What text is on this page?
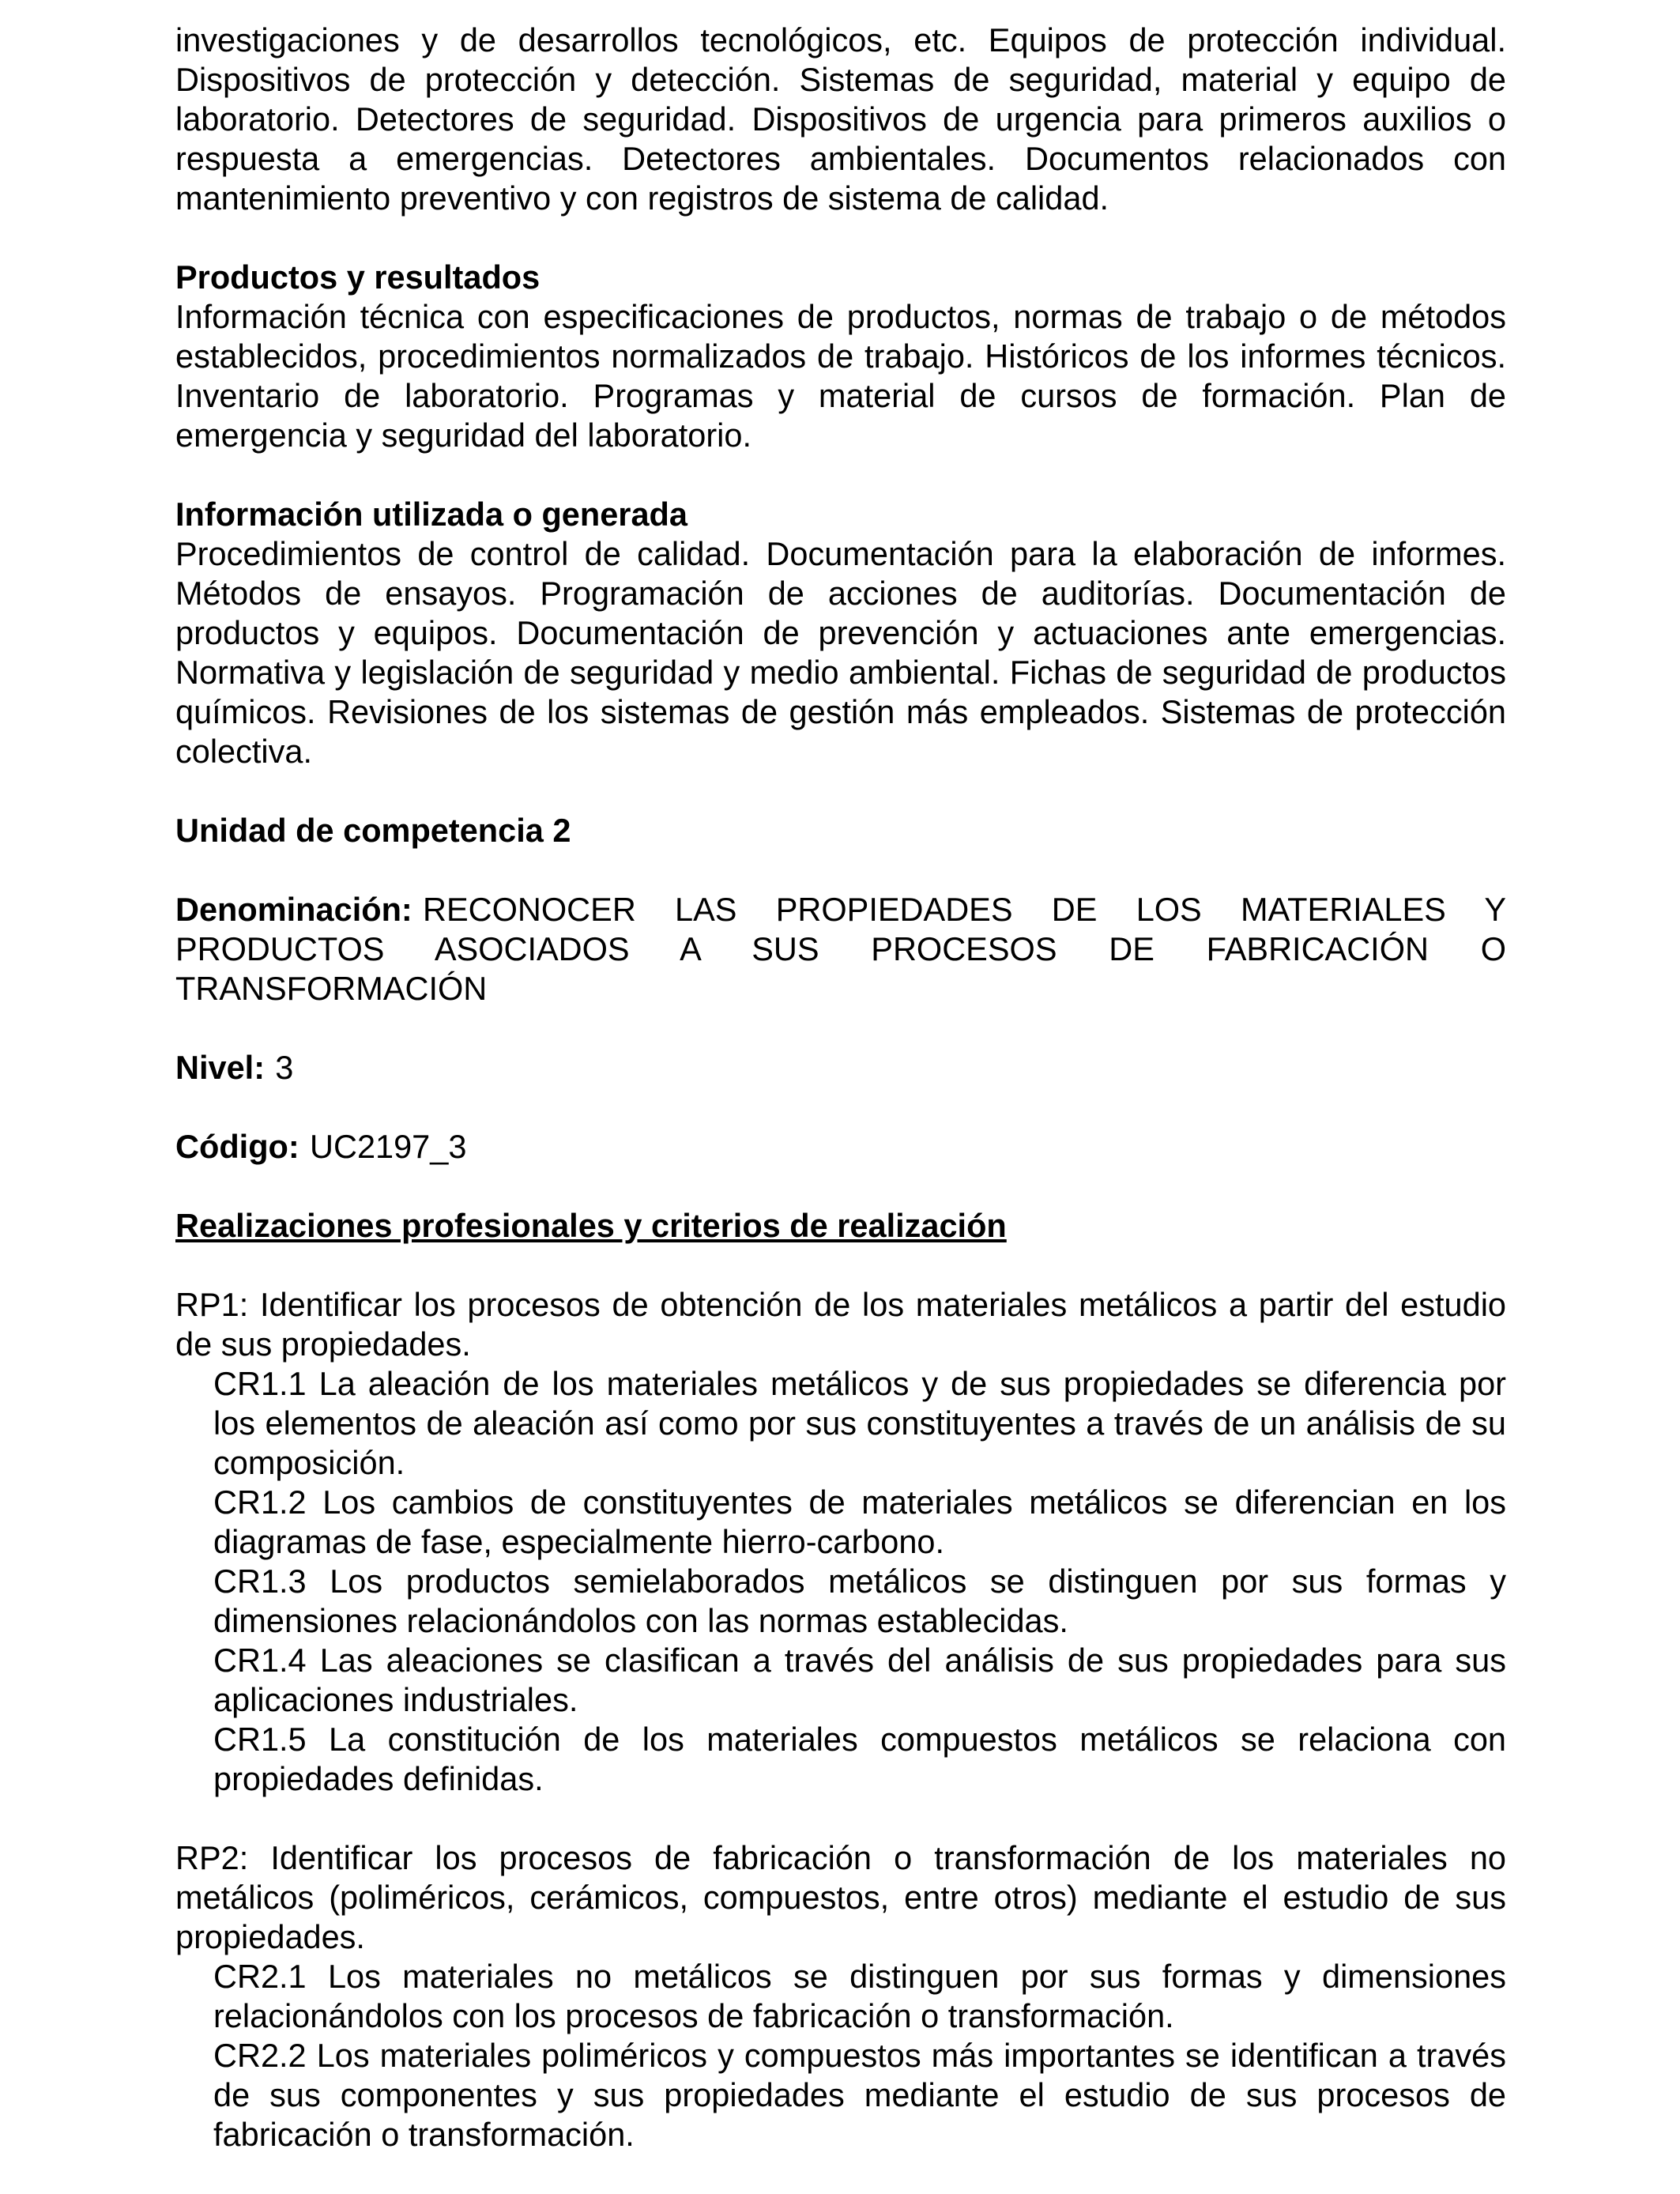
investigaciones y de desarrollos tecnológicos, etc. Equipos de protección individual. Dispositivos de protección y detección. Sistemas de seguridad, material y equipo de laboratorio. Detectores de seguridad. Dispositivos de urgencia para primeros auxilios o respuesta a emergencias. Detectores ambientales. Documentos relacionados con mantenimiento preventivo y con registros de sistema de calidad.

Productos y resultados

Información técnica con especificaciones de productos, normas de trabajo o de métodos establecidos, procedimientos normalizados de trabajo. Históricos de los informes técnicos. Inventario de laboratorio. Programas y material de cursos de formación. Plan de emergencia y seguridad del laboratorio.

Información utilizada o generada

Procedimientos de control de calidad. Documentación para la elaboración de informes. Métodos de ensayos. Programación de acciones de auditorías. Documentación de productos y equipos. Documentación de prevención y actuaciones ante emergencias. Normativa y legislación de seguridad y medio ambiental. Fichas de seguridad de productos químicos. Revisiones de los sistemas de gestión más empleados. Sistemas de protección colectiva.

Unidad de competencia 2

Denominación: RECONOCER LAS PROPIEDADES DE LOS MATERIALES Y PRODUCTOS ASOCIADOS A SUS PROCESOS DE FABRICACIÓN O TRANSFORMACIÓN

Nivel: 3

Código: UC2197_3

Realizaciones profesionales y criterios de realización

RP1: Identificar los procesos de obtención de los materiales metálicos a partir del estudio de sus propiedades.

CR1.1 La aleación de los materiales metálicos y de sus propiedades se diferencia por los elementos de aleación así como por sus constituyentes a través de un análisis de su composición.

CR1.2 Los cambios de constituyentes de materiales metálicos se diferencian en los diagramas de fase, especialmente hierro-carbono.

CR1.3 Los productos semielaborados metálicos se distinguen por sus formas y dimensiones relacionándolos con las normas establecidas.

CR1.4 Las aleaciones se clasifican a través del análisis de sus propiedades para sus aplicaciones industriales.

CR1.5 La constitución de los materiales compuestos metálicos se relaciona con propiedades definidas.

RP2: Identificar los procesos de fabricación o transformación de los materiales no metálicos (poliméricos, cerámicos, compuestos, entre otros) mediante el estudio de sus propiedades.

CR2.1 Los materiales no metálicos se distinguen por sus formas y dimensiones relacionándolos con los procesos de fabricación o transformación.

CR2.2 Los materiales poliméricos y compuestos más importantes se identifican a través de sus componentes y sus propiedades mediante el estudio de sus procesos de fabricación o transformación.
